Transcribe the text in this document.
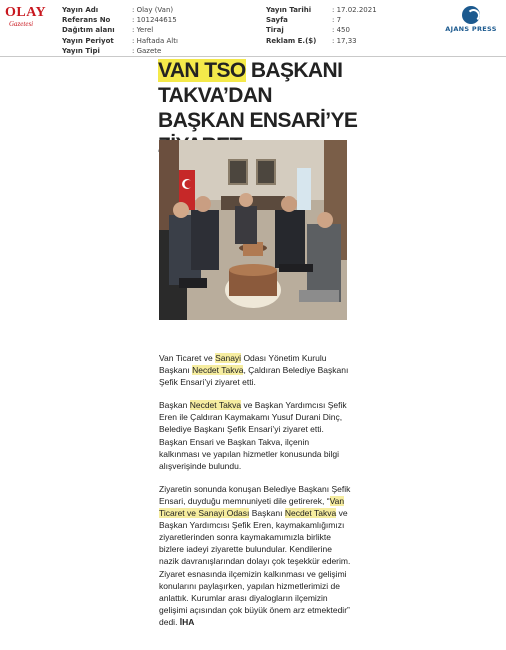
OLAY
Gazetesi
Yayın Adı	: Olay (Van)
Referans No	: 101244615
Dağıtım alanı	: Yerel
Yayın Periyot	: Haftada Altı
Yayın Tipi	: Gazete
Yayın Tarihi	: 17.02.2021
Sayfa	: 7
Tiraj	: 450
Reklam E.($)	: 17,33
AJANS PRESS
VAN TSO BAŞKANI TAKVA’DAN BAŞKAN ENSARİ’YE

Van Ticaret ve Sanayi Odası Yönetim Kurulu Başkanı Necdet Takva, Çaldıran Belediye Başkanı Şefik Ensari’yi ziyaret etti.

Başkan Necdet Takva ve Başkan Yardımcısı Şefik Eren ile Çaldıran Kaymakamı Yusuf Durani Dinç, Belediye Başkanı Şefik Ensari’yi ziyaret etti. Başkan Ensari ve Başkan Takva, ilçenin kalkınması ve yapılan hizmetler konusunda bilgi alışverişinde bulundu.

Ziyaretin sonunda konuşan Belediye Başkanı Şefik Ensari, duyduğu memnuniyeti dile getirerek, “Van Ticaret ve Sanayi Odası Başkanı Necdet Takva ve Başkan Yardımcısı Şefik Eren, kaymakamlığımızı ziyaretlerinden sonra kaymakamımızla birlikte bizlere iadeyi ziyarette bulundular. Kendilerine nazik davranışlarından dolayı çok teşekkür ederim. Ziyaret esnasında ilçemizin kalkınması ve gelişimi konularını paylaşırken, yapılan hizmetlerimizi de anlattık. Kurumlar arası diyalogların ilçemizin gelişimi açısından çok büyük önem arz etmektedir” dedi. İHA
